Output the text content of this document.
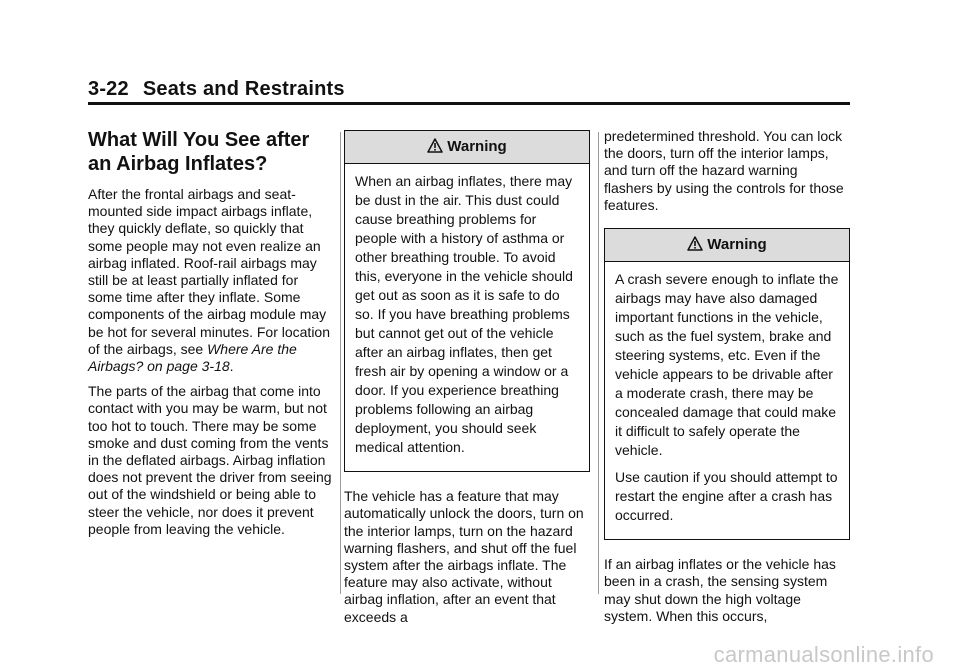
3-22 Seats and Restraints
What Will You See after an Airbag Inflates?

After the frontal airbags and seat-mounted side impact airbags inflate, they quickly deflate, so quickly that some people may not even realize an airbag inflated. Roof-rail airbags may still be at least partially inflated for some time after they inflate. Some components of the airbag module may be hot for several minutes. For location of the airbags, see Where Are the Airbags? on page 3-18.

The parts of the airbag that come into contact with you may be warm, but not too hot to touch. There may be some smoke and dust coming from the vents in the deflated airbags. Airbag inflation does not prevent the driver from seeing out of the windshield or being able to steer the vehicle, nor does it prevent people from leaving the vehicle.

Warning

When an airbag inflates, there may be dust in the air. This dust could cause breathing problems for people with a history of asthma or other breathing trouble. To avoid this, everyone in the vehicle should get out as soon as it is safe to do so. If you have breathing problems but cannot get out of the vehicle after an airbag inflates, then get fresh air by opening a window or a door. If you experience breathing problems following an airbag deployment, you should seek medical attention.

The vehicle has a feature that may automatically unlock the doors, turn on the interior lamps, turn on the hazard warning flashers, and shut off the fuel system after the airbags inflate. The feature may also activate, without airbag inflation, after an event that exceeds a

predetermined threshold. You can lock the doors, turn off the interior lamps, and turn off the hazard warning flashers by using the controls for those features.

Warning

A crash severe enough to inflate the airbags may have also damaged important functions in the vehicle, such as the fuel system, brake and steering systems, etc. Even if the vehicle appears to be drivable after a moderate crash, there may be concealed damage that could make it difficult to safely operate the vehicle.

Use caution if you should attempt to restart the engine after a crash has occurred.

If an airbag inflates or the vehicle has been in a crash, the sensing system may shut down the high voltage system. When this occurs,

carmanualsonline.info
